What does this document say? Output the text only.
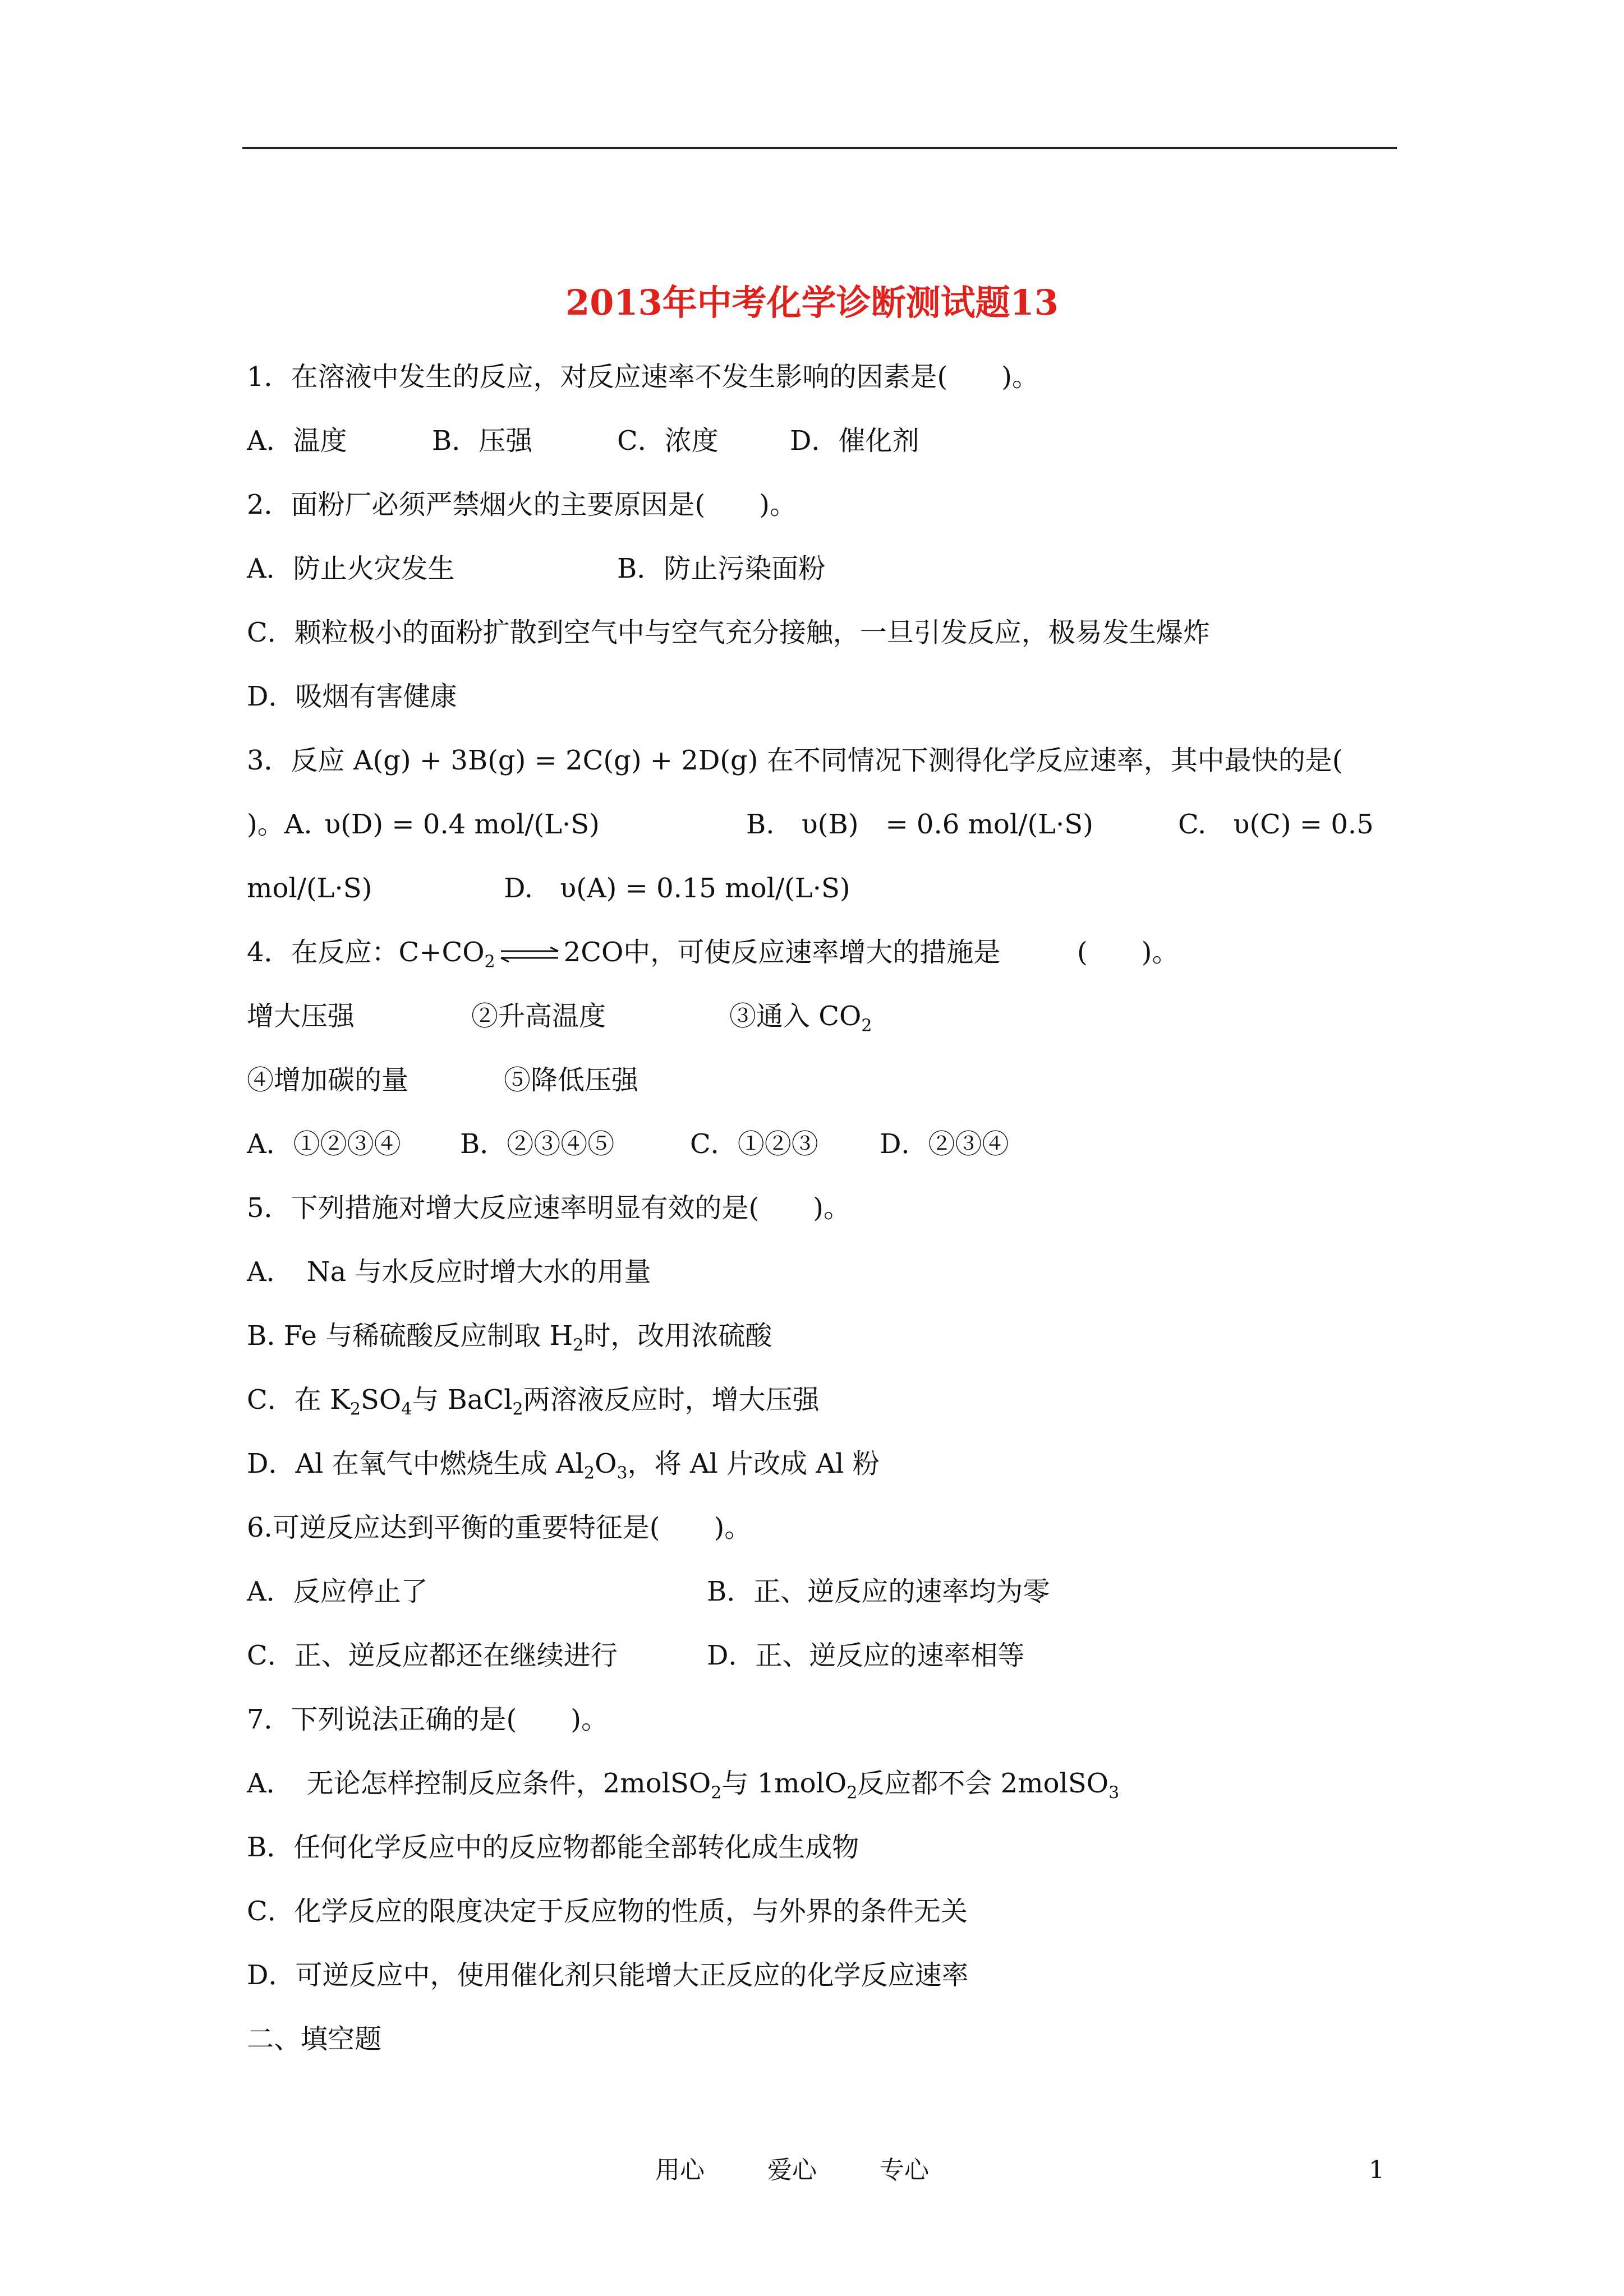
2013年中考化学诊断测试题13
1．在溶液中发生的反应，对反应速率不发生影响的因素是(　　)。
A．温度	B．压强	C．浓度	D．催化剂
2．面粉厂必须严禁烟火的主要原因是(　　)。
A．防止火灾发生	B．防止污染面粉
C．颗粒极小的面粉扩散到空气中与空气充分接触，一旦引发反应，极易发生爆炸
D．吸烟有害健康
3．反应 A(g) + 3B(g) = 2C(g) + 2D(g) 在不同情况下测得化学反应速率，其中最快的是(
)。A. υ(D) = 0.4 mol/(L·S)	B.　υ(B)　= 0.6 mol/(L·S)	C.　υ(C) = 0.5
mol/(L·S)	D.　υ(A) = 0.15 mol/(L·S)
4．在反应：$C+CO_2$ ⇌ 2CO中，可使反应速率增大的措施是	(　　)。
增大压强	②升高温度	③通入 $CO_2$
④增加碳的量	⑤降低压强
A．①②③④ B．②③④⑤	C．①②③ D．②③④
5．下列措施对增大反应速率明显有效的是(　　)。
A．　Na 与水反应时增大水的用量
B. Fe 与稀硫酸反应制取 $H_2$时，改用浓硫酸
C．在 $K_2SO_4$与 BaCl$_2$两溶液反应时，增大压强
D．Al 在氧气中燃烧生成 $Al_2O_3$，将 Al 片改成 Al 粉
6.可逆反应达到平衡的重要特征是(　　)。
A．反应停止了	B．正、逆反应的速率均为零
C．正、逆反应都还在继续进行	D．正、逆反应的速率相等
7．下列说法正确的是(　　)。
A．　无论怎样控制反应条件，2molSO$_2$与 1molO$_2$反应都不会 2molSO$_3$
B．任何化学反应中的反应物都能全部转化成生成物
C．化学反应的限度决定于反应物的性质，与外界的条件无关
D．可逆反应中，使用催化剂只能增大正反应的化学反应速率
二、填空题
用心	爱心	专心	1
